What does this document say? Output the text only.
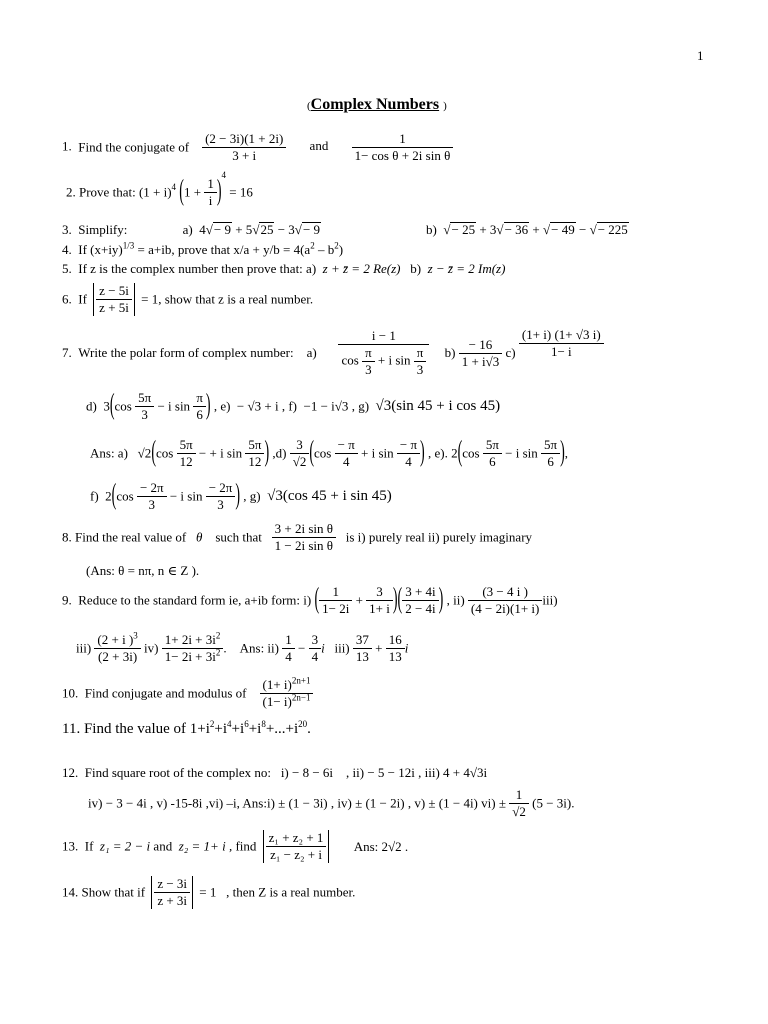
1
(Complex Numbers )
1. Find the conjugate of $\frac{(2 - 3i)(1 + 2i)}{3 + i}$ and $\frac{1}{\text{1− cos θ + 2i sin θ}}$
2. Prove that: $(1 + i)^4$ $(1 + \frac{1}{i} )^4 = 16$
3. Simplify:	a) 4√− 9 + 5√25 − 3√− 9	b)  √− 25 + 3√− 36 + √− 49 − √− 225
4. If $(x+iy)^{1/3} = a+ib$, prove that $x/a + y/b = 4(a^2 - b^2)$
5. If z is the complex number then prove that: a) z + z̄ = 2 Re(z) b) z − z̄ = 2 Im(z)
6. If $\frac{z - 5i}{z + 5i} = 1$, show that z is a real number.
7. Write the polar form of complex number: $a) \frac{i - 1}{\cos \frac{\pi}{3} + i \sin \frac{\pi}{3}} b) \frac{- 16}{1 + i√3} c) \frac{(1+ i) (1+ √3 i)}{1- i}$
d) $3(\cos \frac{5\pi}{3} - i$ $\sin \frac{\pi}{6}$ ) , e) − √3 + i , f) −1 − i√3 , g) √3(sin 45 + i cos 45)
Ans: a) $√2(\cos \frac{5\pi}{12}$ − + i $\sin \frac{5\pi}{12}$ ) $,d) \frac{3}{√2} (\cos \frac{- \pi}{4} + i$ $\sin \frac{- \pi}{4}$ ) , e). $2(\cos \frac{5\pi}{6} - i$ $\sin \frac{5\pi}{6}$ ),
f) $2(\cos \frac{- 2\pi}{3} - i$ $\sin \frac{- 2\pi}{3}$ ) , g) √3(cos 45 + i sin 45)
8. Find the real value of θ such that $\frac{\text{3 + 2i sin θ}}{\text{1 − 2i sin θ}}$ is i) purely real ii) purely imaginary
(Ans: θ = nπ, n ∈ Z ).
9. Reduce to the standard form ie, a+ib form: i) ( $\frac{1}{1- 2i} + \frac{3}{1+ i}$ )( $\frac{3 + 4i}{2 - 4i}$ ) , $ii) \frac{(3 - 4 i )}{(4 - 2i)(1+ i)} iii$)
$iii) \frac{(2 + i )^3}{(2 + 3i)} iv) \frac{1+ 2i + 3i^2}{1- 2i + 3i^2}$ . Ans: $ii) \frac{1}{4} - \frac{3}{4}$ i $iii) \frac{37}{13} + \frac{16}{13}$ i
10. Find conjugate and modulus of $\frac{(1+ i)^{2n+1}}{(1- i)^{2n-1}}$
11. Find the value of $1+i^2+i^4+i^6+i^8+...+i^{20}$.
12. Find square root of the complex no: i) − 8 − 6i , ii) − 5 − 12i , iii) 4 + 4√3i
iv) − 3 − 4i , v) -15-8i ,vi) –i, Ans:i) ± (1 − 3i) , iv) ± (1 − 2i) , v) ± (1 − 4i) $vi) \pm \frac{1}{√2} (5 - 3i)$.
13. If z₁ = 2 − i and z₂ = 1+ i , find $\frac{\text{z₁ + z₂ + 1}}{\text{z₁ − z₂ + i}}$ Ans: 2√2 .
14. Show that if $\frac{z - 3i}{z + 3i} = 1$ , then Z is a real number.
